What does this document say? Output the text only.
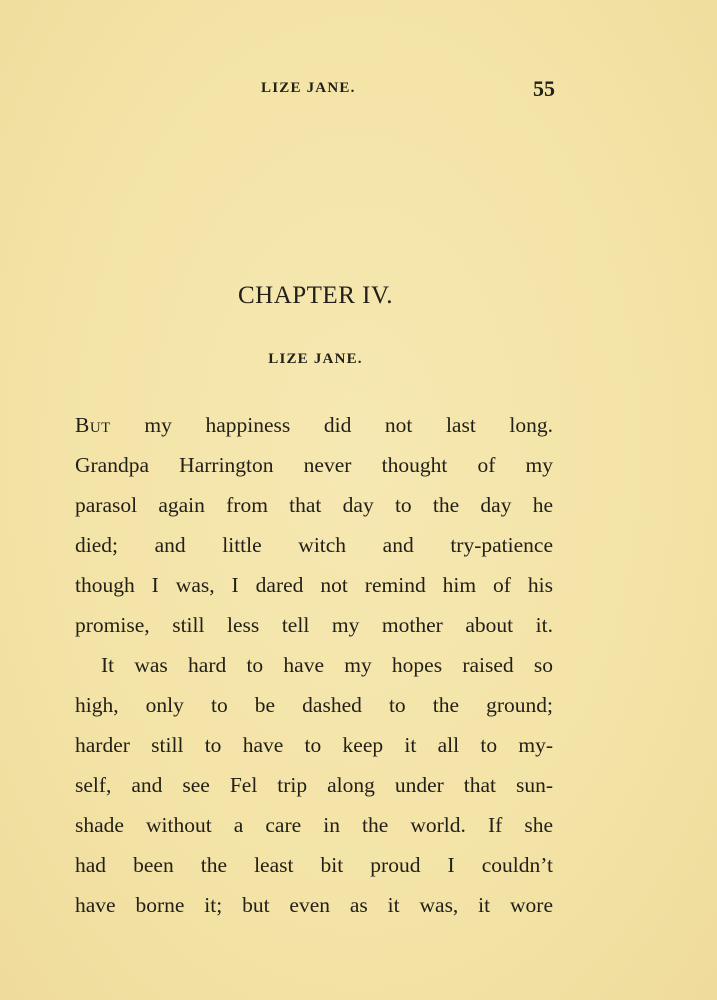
LIZE JANE.	55
CHAPTER IV.
LIZE JANE.
But my happiness did not last long.
Grandpa Harrington never thought of my
parasol again from that day to the day he
died; and little witch and try-patience
though I was, I dared not remind him of his
promise, still less tell my mother about it.
It was hard to have my hopes raised so
high, only to be dashed to the ground;
harder still to have to keep it all to my-
self, and see Fel trip along under that sun-
shade without a care in the world. If she
had been the least bit proud I couldn’t
have borne it; but even as it was, it wore
